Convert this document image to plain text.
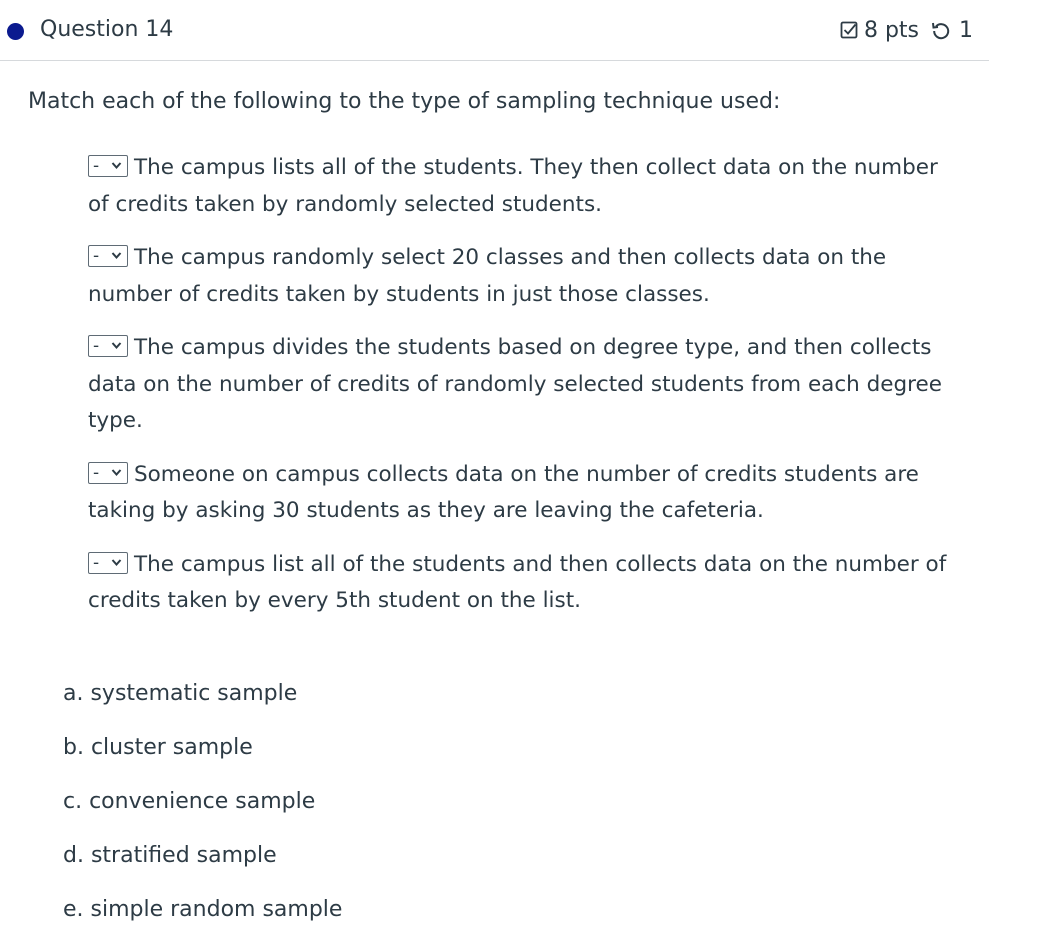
Question 14	8 pts 1
Match each of the following to the type of sampling technique used:
- The campus lists all of the students. They then collect data on the number of credits taken by randomly selected students.
- The campus randomly select 20 classes and then collects data on the number of credits taken by students in just those classes.
- The campus divides the students based on degree type, and then collects data on the number of credits of randomly selected students from each degree type.
- Someone on campus collects data on the number of credits students are taking by asking 30 students as they are leaving the cafeteria.
- The campus list all of the students and then collects data on the number of credits taken by every 5th student on the list.
a. systematic sample
b. cluster sample
c. convenience sample
d. stratified sample
e. simple random sample
